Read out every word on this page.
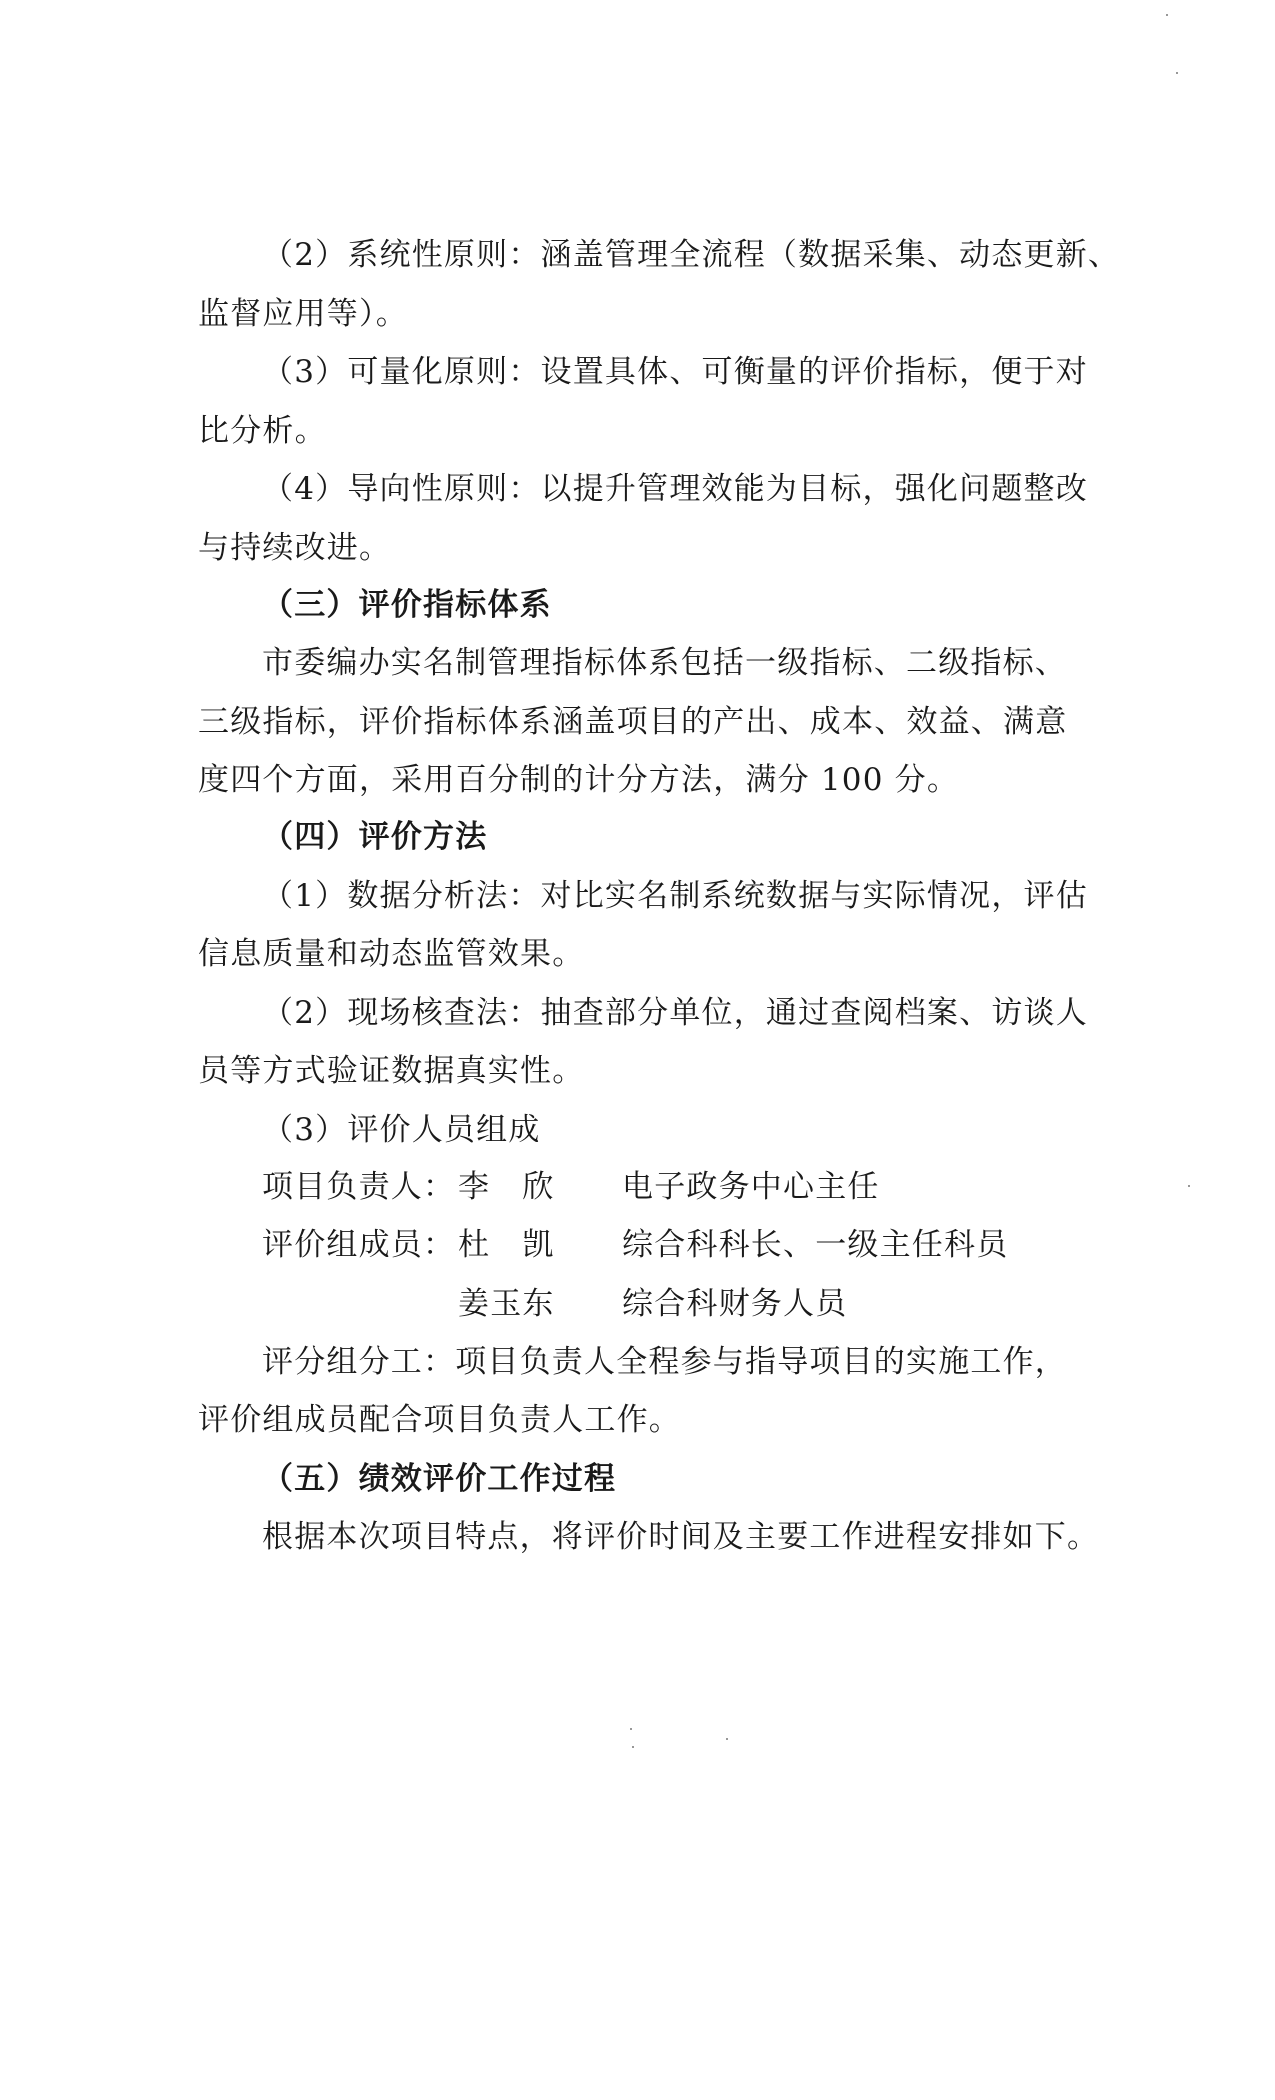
（2）系统性原则：涵盖管理全流程（数据采集、动态更新、
监督应用等）。
（3）可量化原则：设置具体、可衡量的评价指标，便于对
比分析。
（4）导向性原则：以提升管理效能为目标，强化问题整改
与持续改进。
（三）评价指标体系
市委编办实名制管理指标体系包括一级指标、二级指标、
三级指标，评价指标体系涵盖项目的产出、成本、效益、满意
度四个方面，采用百分制的计分方法，满分 100 分。
（四）评价方法
（1）数据分析法：对比实名制系统数据与实际情况，评估
信息质量和动态监管效果。
（2）现场核查法：抽查部分单位，通过查阅档案、访谈人
员等方式验证数据真实性。
（3）评价人员组成
项目负责人： 李　欣 电子政务中心主任
评价组成员： 杜　凯 综合科科长、一级主任科员
姜玉东 综合科财务人员
评分组分工：项目负责人全程参与指导项目的实施工作，
评价组成员配合项目负责人工作。
（五）绩效评价工作过程
根据本次项目特点，将评价时间及主要工作进程安排如下。
